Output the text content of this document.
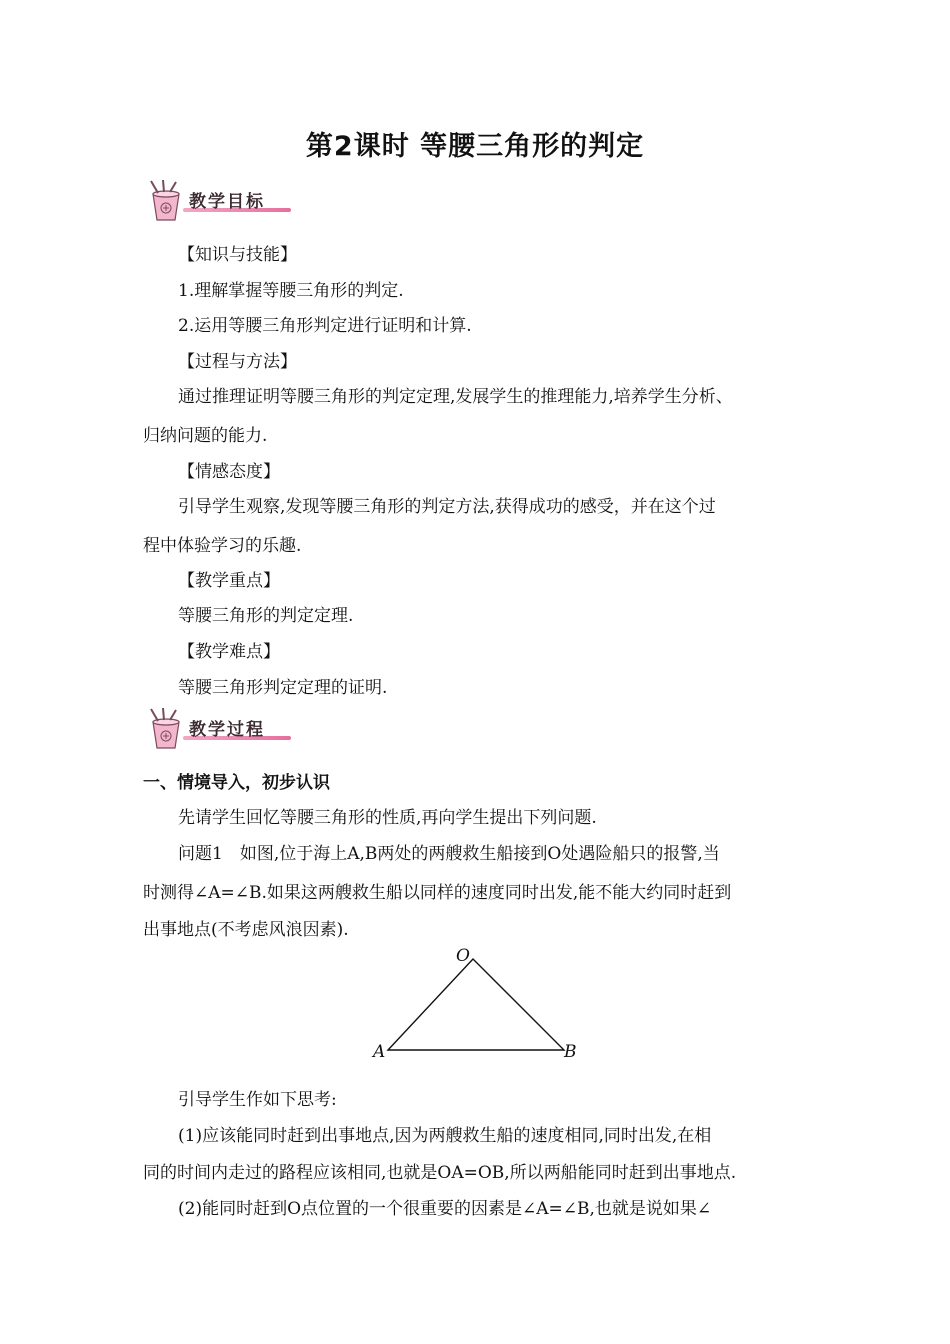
第2课时 等腰三角形的判定
教学目标
【知识与技能】
1.理解掌握等腰三角形的判定.
2.运用等腰三角形判定进行证明和计算.
【过程与方法】
通过推理证明等腰三角形的判定定理,发展学生的推理能力,培养学生分析、
归纳问题的能力.
【情感态度】
引导学生观察,发现等腰三角形的判定方法,获得成功的感受，并在这个过
程中体验学习的乐趣.
【教学重点】
等腰三角形的判定定理.
【教学难点】
等腰三角形判定定理的证明.
教学过程
一、情境导入，初步认识
先请学生回忆等腰三角形的性质,再向学生提出下列问题.
问题1　如图,位于海上A,B两处的两艘救生船接到O处遇险船只的报警,当
时测得∠A=∠B.如果这两艘救生船以同样的速度同时出发,能不能大约同时赶到
出事地点(不考虑风浪因素).
O
A	B
引导学生作如下思考:
(1)应该能同时赶到出事地点,因为两艘救生船的速度相同,同时出发,在相
同的时间内走过的路程应该相同,也就是OA=OB,所以两船能同时赶到出事地点.
(2)能同时赶到O点位置的一个很重要的因素是∠A=∠B,也就是说如果∠
